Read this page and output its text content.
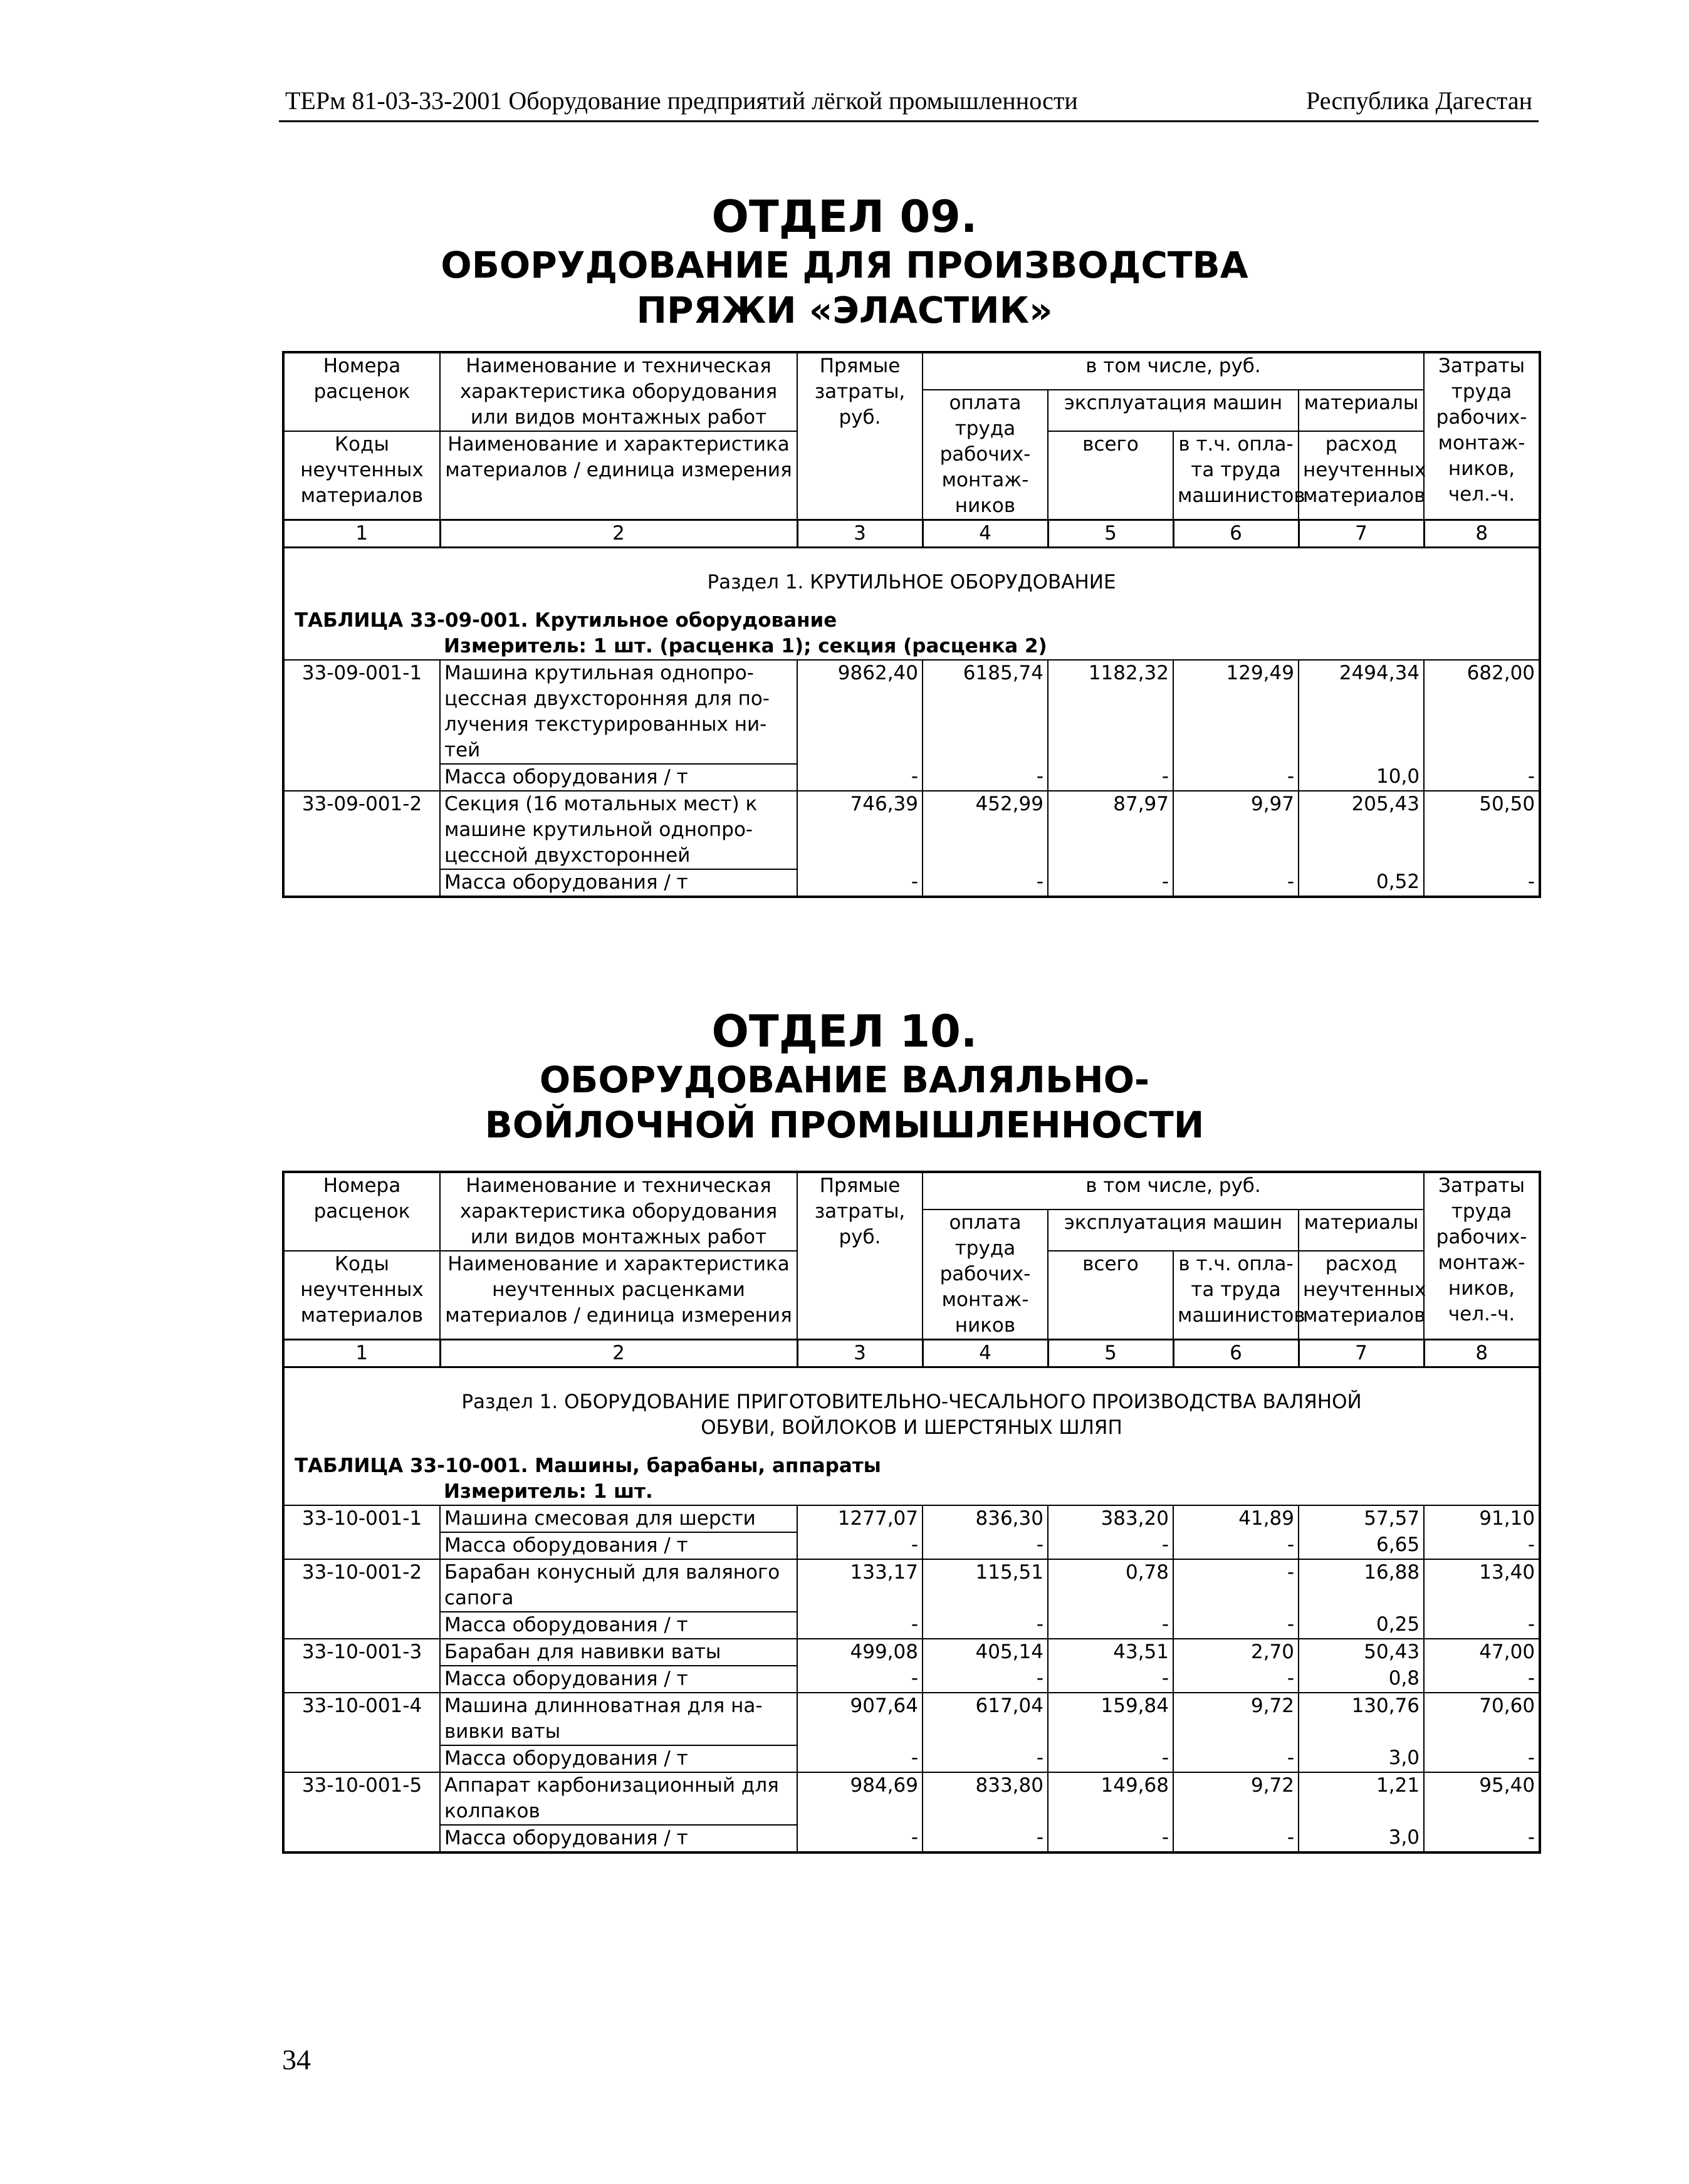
ТЕРм 81-03-33-2001 Оборудование предприятий лёгкой промышленности	Республика Дагестан
ОТДЕЛ 09.
ОБОРУДОВАНИЕ ДЛЯ ПРОИЗВОДСТВА ПРЯЖИ «ЭЛАСТИК»
Номера расценок	Наименование и техническая характеристика оборудования или видов монтажных работ	Прямые затраты, руб.	в том числе, руб.				Затраты труда рабочих-монтаж-ников, чел.-ч.
			оплата труда рабочих-монтаж-ников	эксплуатация машин		материалы	
Коды неучтенных материалов	Наименование и характеристика материалов / единица измерения			всего	в т.ч. опла-та труда машинистов	расход неучтенных материалов	

1	2	3	4	5	6	7	8
Раздел 1. КРУТИЛЬНОЕ ОБОРУДОВАНИЕ							
ТАБЛИЦА 33-09-001. Крутильное оборудование							
	Измеритель: 1 шт. (расценка 1); секция (расценка 2)						
33-09-001-1	Машина крутильная однопро-цессная двухсторонняя для по-лучения текстурированных ни-тей	9862,40	6185,74	1182,32	129,49	2494,34	682,00
	Масса оборудования / т	-	-	-	-	10,0	-
33-09-001-2	Секция (16 мотальных мест) к машине крутильной однопро-цессной двухсторонней	746,39	452,99	87,97	9,97	205,43	50,50
	Масса оборудования / т	-	-	-	-	0,52	-
ОТДЕЛ 10.
ОБОРУДОВАНИЕ ВАЛЯЛЬНО-ВОЙЛОЧНОЙ ПРОМЫШЛЕННОСТИ
Номера расценок	Наименование и техническая характеристика оборудования или видов монтажных работ	Прямые затраты, руб.	в том числе, руб.				Затраты труда рабочих-монтаж-ников, чел.-ч.
			оплата труда рабочих-монтаж-ников	эксплуатация машин		материалы	
Коды неучтенных материалов	Наименование и характеристика неучтенных расценками материалов / единица измерения			всего	в т.ч. опла-та труда машинистов	расход неучтенных материалов	

1	2	3	4	5	6	7	8
Раздел 1. ОБОРУДОВАНИЕ ПРИГОТОВИТЕЛЬНО-ЧЕСАЛЬНОГО ПРОИЗВОДСТВА ВАЛЯНОЙ ОБУВИ, ВОЙЛОКОВ И ШЕРСТЯНЫХ ШЛЯП							
ТАБЛИЦА 33-10-001. Машины, барабаны, аппараты							
	Измеритель: 1 шт.						
33-10-001-1	Машина смесовая для шерсти	1277,07	836,30	383,20	41,89	57,57	91,10
	Масса оборудования / т	-	-	-	-	6,65	-
33-10-001-2	Барабан конусный для валяного сапога	133,17	115,51	0,78	-	16,88	13,40
	Масса оборудования / т	-	-	-	-	0,25	-
33-10-001-3	Барабан для навивки ваты	499,08	405,14	43,51	2,70	50,43	47,00
	Масса оборудования / т	-	-	-	-	0,8	-
33-10-001-4	Машина длинноватная для на-вивки ваты	907,64	617,04	159,84	9,72	130,76	70,60
	Масса оборудования / т	-	-	-	-	3,0	-
33-10-001-5	Аппарат карбонизационный для колпаков	984,69	833,80	149,68	9,72	1,21	95,40
	Масса оборудования / т	-	-	-	-	3,0	-
34
